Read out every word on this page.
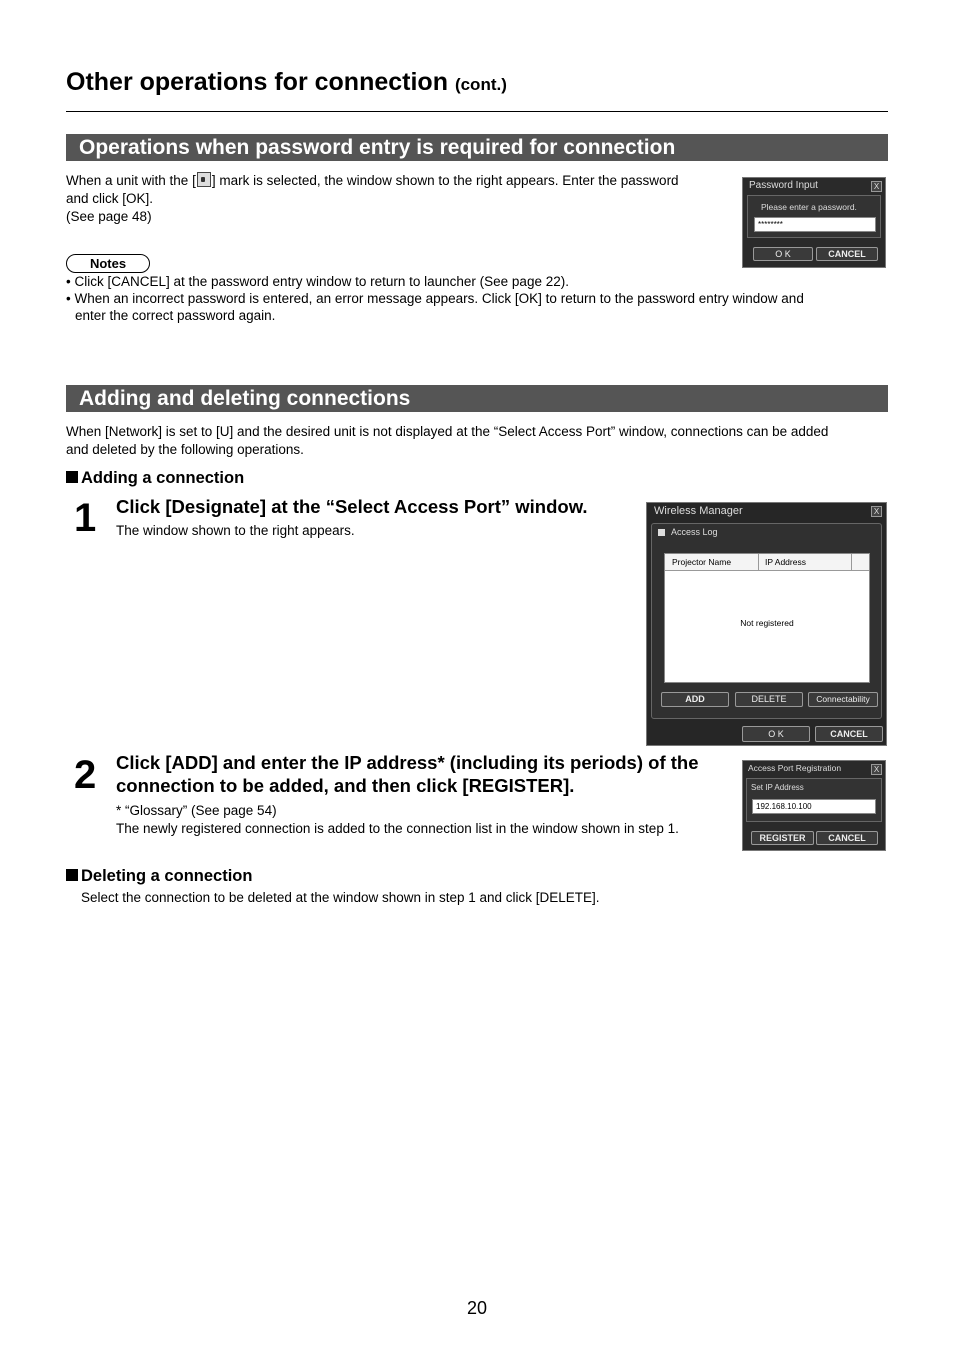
Other operations for connection (cont.)
Operations when password entry is required for connection
When a unit with the [ ] mark is selected, the window shown to the right appears. Enter the password
and click [OK].
(See page 48)
Password Input	X
Please enter a password.
********
O K	CANCEL
Notes
• Click [CANCEL] at the password entry window to return to launcher (See page 22).
• When an incorrect password is entered, an error message appears. Click [OK] to return to the password entry window and
enter the correct password again.
Adding and deleting connections
When [Network] is set to [U] and the desired unit is not displayed at the “Select Access Port” window, connections can be added
and deleted by the following operations.
Adding a connection
1 Click [Designate] at the “Select Access Port” window.
The window shown to the right appears.
Wireless Manager	X
Access Log
Projector Name	IP Address
Not registered
ADD	DELETE	Connectability
O K	CANCEL
2 Click [ADD] and enter the IP address* (including its periods) of the
connection to be added, and then click [REGISTER].
* “Glossary” (See page 54)
The newly registered connection is added to the connection list in the window shown in step 1.
Access Port Registration	X
Set IP Address
192.168.10.100
REGISTER	CANCEL
Deleting a connection
Select the connection to be deleted at the window shown in step 1 and click [DELETE].
20
